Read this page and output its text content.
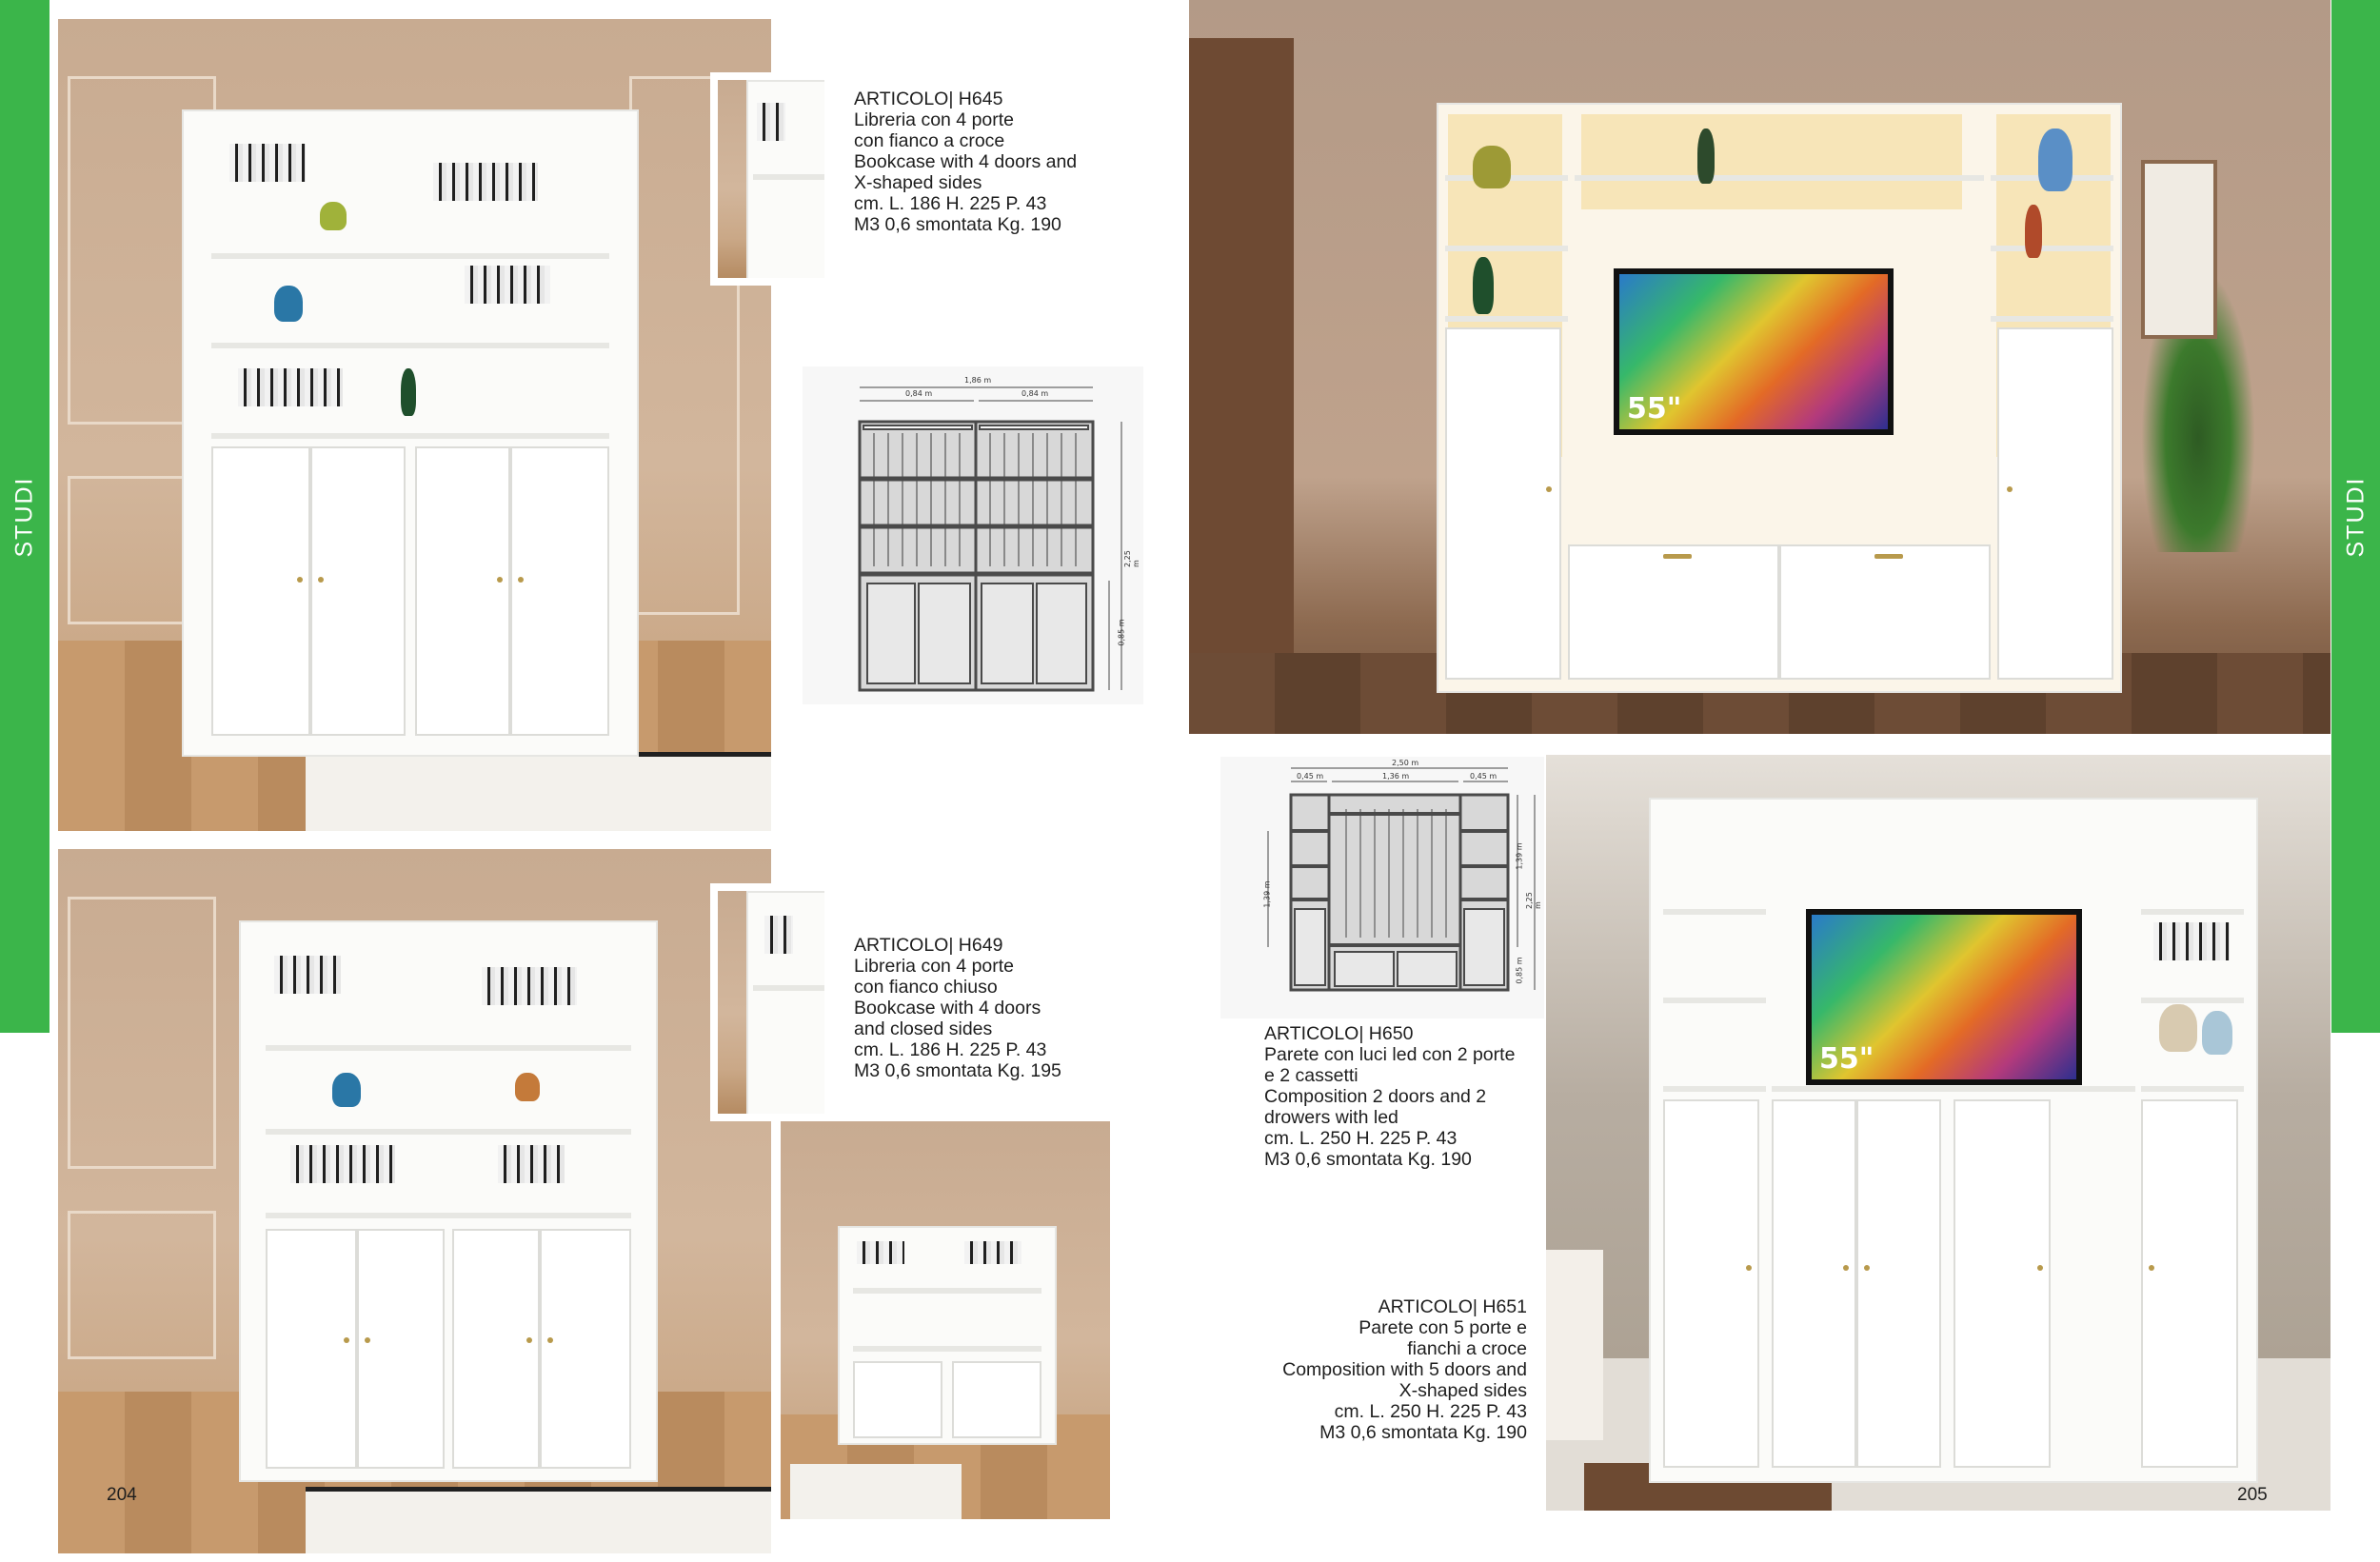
STUDI	STUDI
ARTICOLO| H645
Libreria con 4 porte
con fianco a croce
Bookcase with 4 doors and
X-shaped sides
cm. L. 186 H. 225 P. 43
M3 0,6 smontata Kg. 190
1,86 m
0,84 m	0,84 m
2,25 m
0,85 m
ARTICOLO| H649
Libreria con 4 porte
con fianco chiuso
Bookcase with 4 doors
and closed sides
cm. L. 186 H. 225 P. 43
M3 0,6 smontata Kg. 195
204
55"
2,50 m
0,45 m	1,36 m	0,45 m
1,39 m
1,39 m
2,25 m
0,85 m
ARTICOLO| H650
Parete con luci led con 2 porte
e 2 cassetti
Composition 2 doors and 2
drowers with led
cm. L. 250 H. 225 P. 43
M3 0,6 smontata Kg. 190
ARTICOLO| H651
Parete con 5 porte e
fianchi a croce
Composition with 5 doors and
X-shaped sides
cm. L. 250 H. 225 P. 43
M3 0,6 smontata Kg. 190
55"
205
